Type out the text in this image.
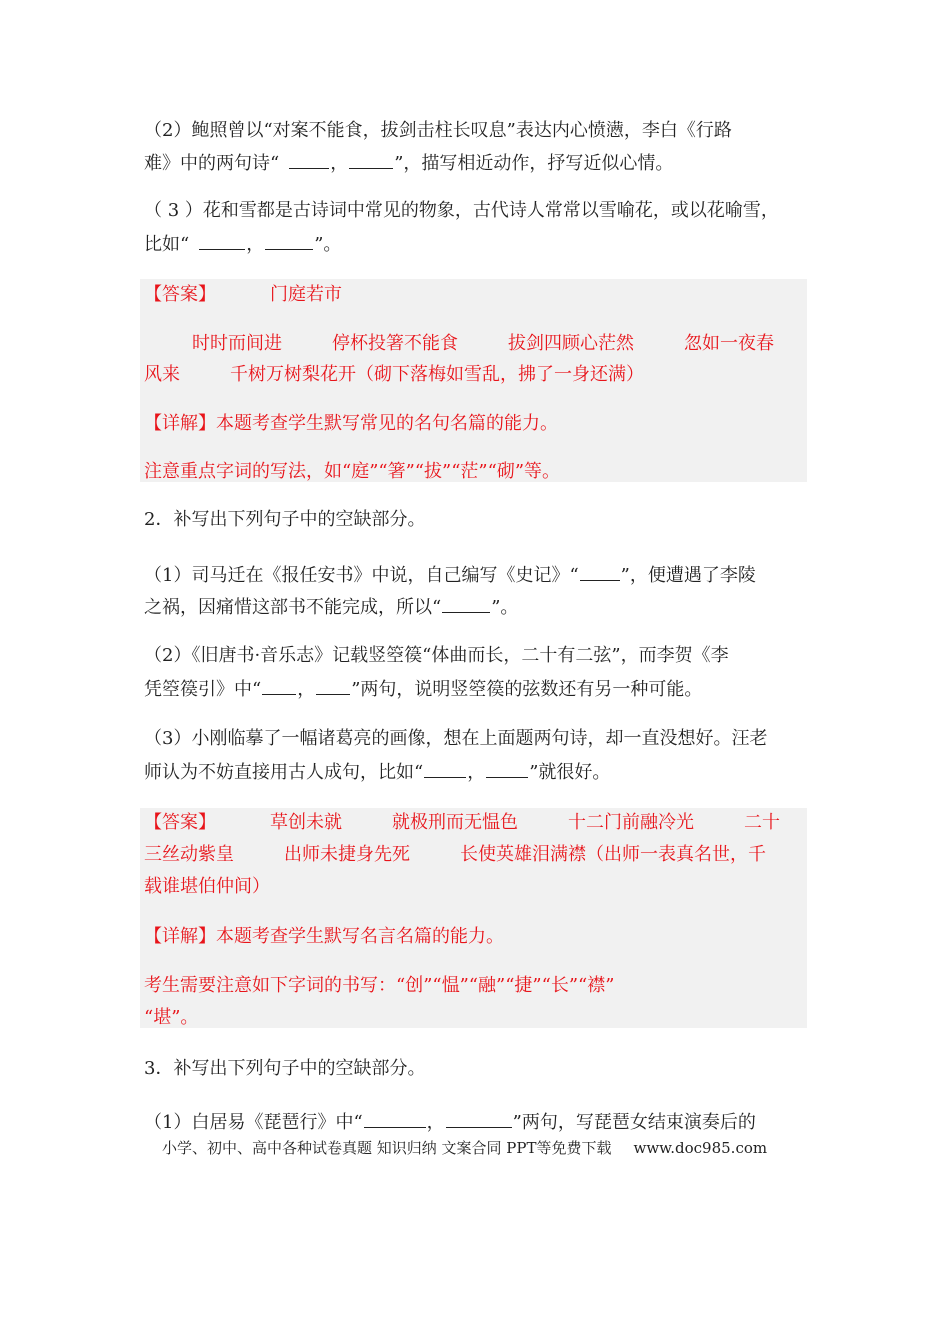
（2）鲍照曾以“对案不能食，拔剑击柱长叹息”表达内心愤懑，李白《行路
难》中的两句诗“	，	”，描写相近动作，抒写近似心情。
（ 3 ）花和雪都是古诗词中常见的物象，古代诗人常常以雪喻花，或以花喻雪，
比如“	，	”。
【答案】	门庭若市
时时而间进	停杯投箸不能食	拔剑四顾心茫然	忽如一夜春
风来	千树万树梨花开（砌下落梅如雪乱，拂了一身还满）
【详解】本题考查学生默写常见的名句名篇的能力。
注意重点字词的写法，如“庭”“箸”“拔”“茫”“砌”等。
2．补写出下列句子中的空缺部分。
（1）司马迁在《报任安书》中说，自己编写《史记》“ ”，便遭遇了李陵
之祸，因痛惜这部书不能完成，所以“	”。
（2）《旧唐书·音乐志》记载竖箜篌“体曲而长，二十有二弦”，而李贺《李
凭箜篌引》中“ ， ”两句，说明竖箜篌的弦数还有另一种可能。
（3）小刚临摹了一幅诸葛亮的画像，想在上面题两句诗，却一直没想好。汪老
师认为不妨直接用古人成句，比如“ ， ”就很好。
【答案】	草创未就	就极刑而无愠色	十二门前融冷光	二十
三丝动紫皇	出师未捷身先死	长使英雄泪满襟（出师一表真名世，千
载谁堪伯仲间）
【详解】本题考查学生默写名言名篇的能力。
考生需要注意如下字词的书写：“创”“愠”“融”“捷”“长”“襟”
“堪”。
3．补写出下列句子中的空缺部分。
（1）白居易《琵琶行》中“	，	”两句，写琵琶女结束演奏后的
小学、初中、高中各种试卷真题 知识归纳 文案合同 PPT等免费下载 www.doc985.com
